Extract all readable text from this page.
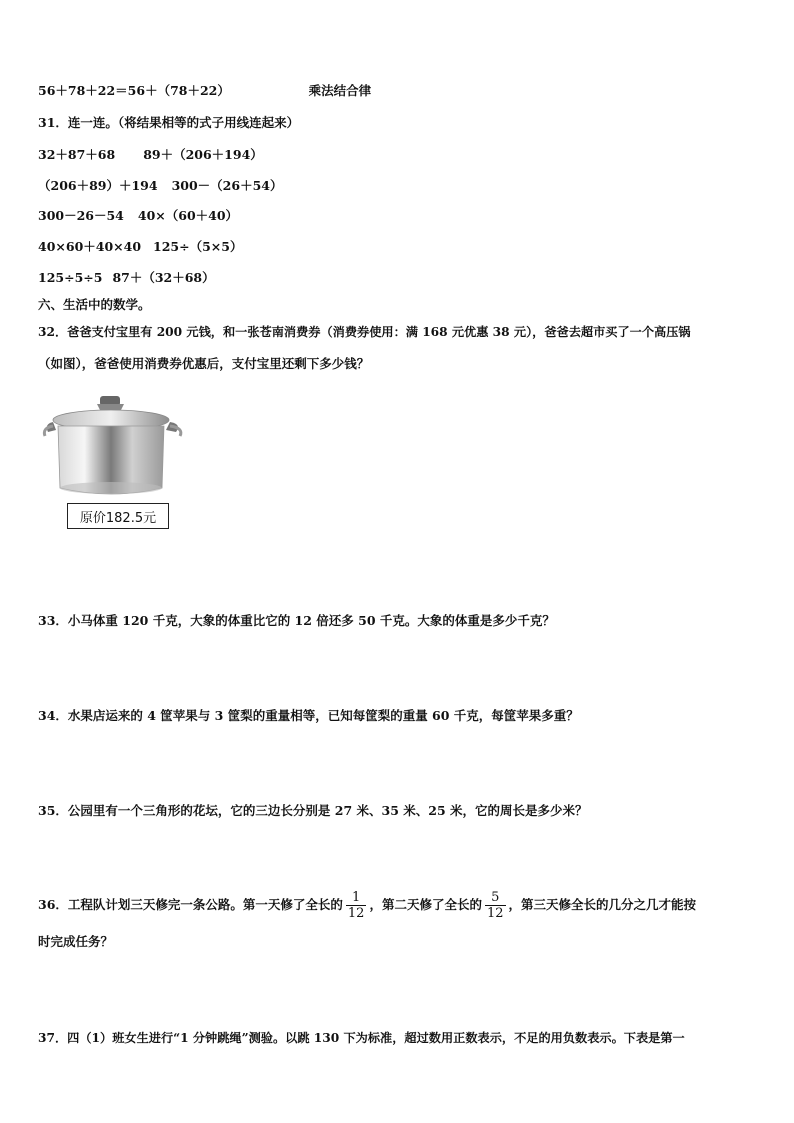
56＋78＋22＝56＋（78＋22）	乘法结合律
31．连一连。（将结果相等的式子用线连起来）
32＋87＋68 89＋（206＋194）
（206＋89）＋194 300－（26＋54）
300－26－54 40×（60＋40）
40×60＋40×40 125÷（5×5）
125÷5÷5 87＋（32＋68）
六、生活中的数学。
32．爸爸支付宝里有 200 元钱，和一张苍南消费券（消费券使用：满 168 元优惠 38 元），爸爸去超市买了一个高压锅
（如图），爸爸使用消费券优惠后，支付宝里还剩下多少钱？
原价182.5元
33．小马体重 120 千克，大象的体重比它的 12 倍还多 50 千克。大象的体重是多少千克？
34．水果店运来的 4 筐苹果与 3 筐梨的重量相等，已知每筐梨的重量 60 千克，每筐苹果多重？
35．公园里有一个三角形的花坛，它的三边长分别是 27 米、35 米、25 米，它的周长是多少米？
36．工程队计划三天修完一条公路。第一天修了全长的 $\frac{1}{12}$ ，第二天修了全长的 $\frac{5}{12}$ ，第三天修全长的几分之几才能按
时完成任务？
37．四（1）班女生进行“1 分钟跳绳”测验。以跳 130 下为标准，超过数用正数表示，不足的用负数表示。下表是第一
